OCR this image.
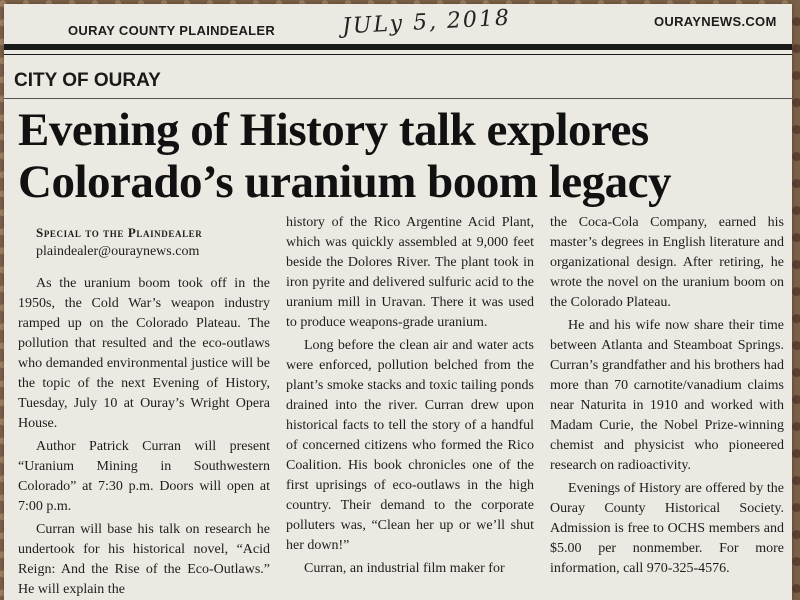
OURAY COUNTY PLAINDEALER	JULy 5, 2018	OURAYNEWS.COM
CITY OF OURAY
Evening of History talk explores
Colorado’s uranium boom legacy
Special to the Plaindealer
plaindealer@ouraynews.com

As the uranium boom took off in the 1950s, the Cold War’s weapon industry ramped up on the Colorado Plateau. The pollution that resulted and the eco-outlaws who demanded environmental justice will be the topic of the next Evening of History, Tuesday, July 10 at Ouray’s Wright Opera House.

Author Patrick Curran will present “Uranium Mining in Southwestern Colorado” at 7:30 p.m. Doors will open at 7:00 p.m.

Curran will base his talk on research he undertook for his historical novel, “Acid Reign: And the Rise of the Eco-Outlaws.” He will explain the

history of the Rico Argentine Acid Plant, which was quickly assembled at 9,000 feet beside the Dolores River. The plant took in iron pyrite and delivered sulfuric acid to the uranium mill in Uravan. There it was used to produce weapons-grade uranium.

Long before the clean air and water acts were enforced, pollution belched from the plant’s smoke stacks and toxic tailing ponds drained into the river. Curran drew upon historical facts to tell the story of a handful of concerned citizens who formed the Rico Coalition. His book chronicles one of the first uprisings of eco-outlaws in the high country. Their demand to the corporate polluters was, “Clean her up or we’ll shut her down!”

Curran, an industrial film maker for

the Coca-Cola Company, earned his master’s degrees in English literature and organizational design. After retiring, he wrote the novel on the uranium boom on the Colorado Plateau.

He and his wife now share their time between Atlanta and Steamboat Springs. Curran’s grandfather and his brothers had more than 70 carnotite/vanadium claims near Naturita in 1910 and worked with Madam Curie, the Nobel Prize-winning chemist and physicist who pioneered research on radioactivity.

Evenings of History are offered by the Ouray County Historical Society. Admission is free to OCHS members and $5.00 per nonmember. For more information, call 970-325-4576.
